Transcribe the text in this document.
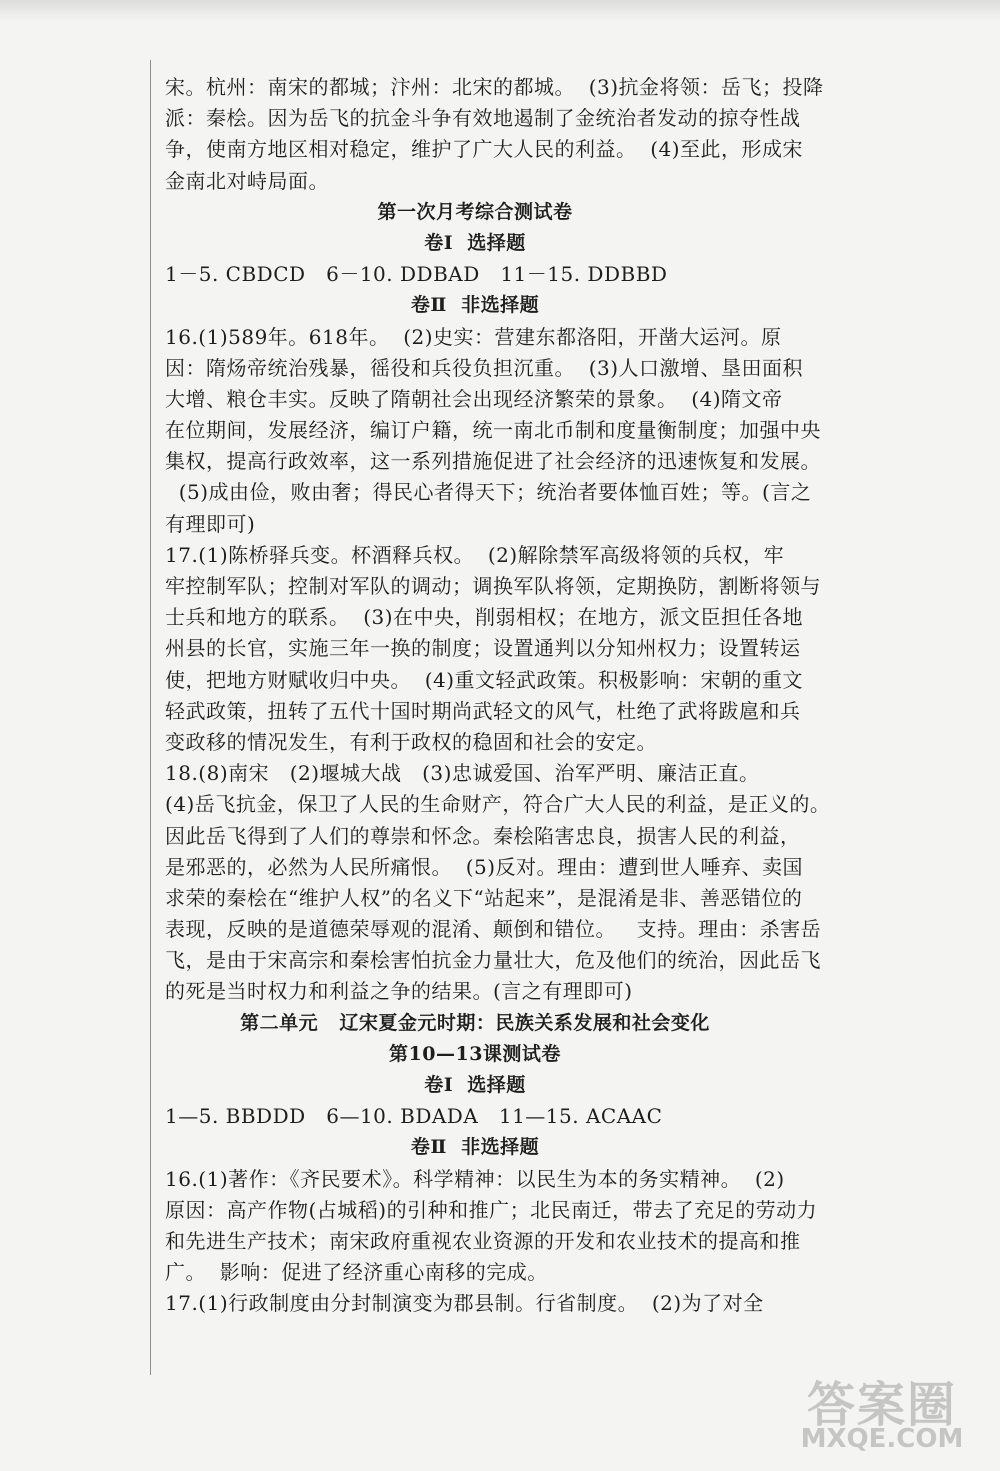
宋。杭州：南宋的都城；汴州：北宋的都城。  (3)抗金将领：岳飞；投降
派：秦桧。因为岳飞的抗金斗争有效地遏制了金统治者发动的掠夺性战
争，使南方地区相对稳定，维护了广大人民的利益。  (4)至此，形成宋
金南北对峙局面。
第一次月考综合测试卷
卷Ⅰ  选择题
1－5. CBDCD   6－10. DDBAD   11－15. DDBBD
卷Ⅱ  非选择题
16.(1)589年。618年。  (2)史实：营建东都洛阳，开凿大运河。原
因：隋炀帝统治残暴，徭役和兵役负担沉重。  (3)人口激增、垦田面积
大增、粮仓丰实。反映了隋朝社会出现经济繁荣的景象。  (4)隋文帝
在位期间，发展经济，编订户籍，统一南北币制和度量衡制度；加强中央
集权，提高行政效率，这一系列措施促进了社会经济的迅速恢复和发展。
(5)成由俭，败由奢；得民心者得天下；统治者要体恤百姓；等。(言之
有理即可)
17.(1)陈桥驿兵变。杯酒释兵权。  (2)解除禁军高级将领的兵权，牢
牢控制军队；控制对军队的调动；调换军队将领，定期换防，割断将领与
士兵和地方的联系。  (3)在中央，削弱相权；在地方，派文臣担任各地
州县的长官，实施三年一换的制度；设置通判以分知州权力；设置转运
使，把地方财赋收归中央。  (4)重文轻武政策。积极影响：宋朝的重文
轻武政策，扭转了五代十国时期尚武轻文的风气，杜绝了武将跋扈和兵
变政移的情况发生，有利于政权的稳固和社会的安定。
18.(8)南宋   (2)堰城大战   (3)忠诚爱国、治军严明、廉洁正直。
(4)岳飞抗金，保卫了人民的生命财产，符合广大人民的利益，是正义的。
因此岳飞得到了人们的尊崇和怀念。秦桧陷害忠良，损害人民的利益，
是邪恶的，必然为人民所痛恨。  (5)反对。理由：遭到世人唾弃、卖国
求荣的秦桧在“维护人权”的名义下“站起来”，是混淆是非、善恶错位的
表现，反映的是道德荣辱观的混淆、颠倒和错位。   支持。理由：杀害岳
飞，是由于宋高宗和秦桧害怕抗金力量壮大，危及他们的统治，因此岳飞
的死是当时权力和利益之争的结果。(言之有理即可)
第二单元   辽宋夏金元时期：民族关系发展和社会变化
第10—13课测试卷
卷Ⅰ  选择题
1—5. BBDDD   6—10. BDADA   11—15. ACAAC
卷Ⅱ  非选择题
16.(1)著作：《齐民要术》。科学精神：以民生为本的务实精神。  (2)
原因：高产作物(占城稻)的引种和推广；北民南迁，带去了充足的劳动力
和先进生产技术；南宋政府重视农业资源的开发和农业技术的提高和推
广。  影响：促进了经济重心南移的完成。
17.(1)行政制度由分封制演变为郡县制。行省制度。  (2)为了对全
答案圈
MXQE.COM
